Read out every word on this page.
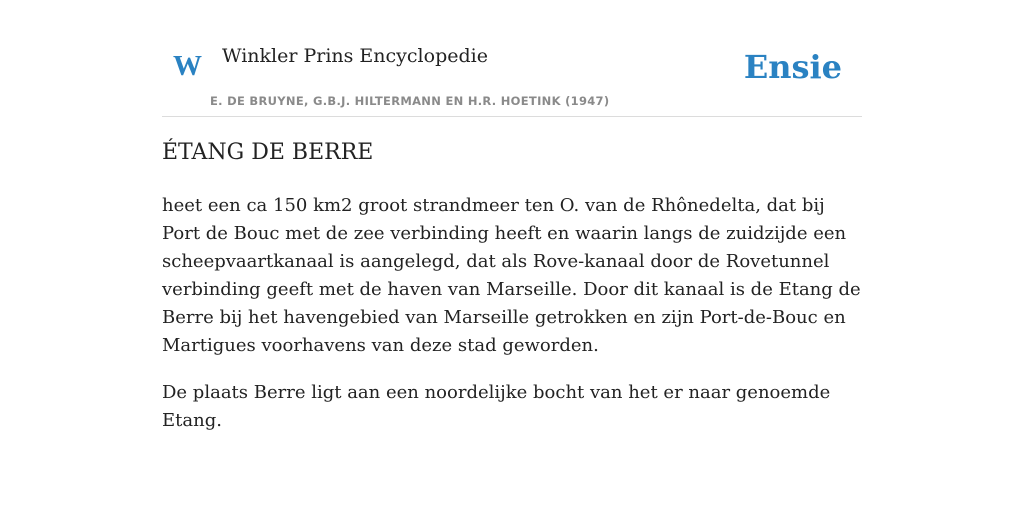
W Winkler Prins Encyclopedie	Ensie
E. DE BRUYNE, G.B.J. HILTERMANN EN H.R. HOETINK (1947)
ÉTANG DE BERRE

heet een ca 150 km2 groot strandmeer ten O. van de Rhônedelta, dat bij Port de Bouc met de zee verbinding heeft en waarin langs de zuidzijde een scheepvaartkanaal is aangelegd, dat als Rove-kanaal door de Rovetunnel verbinding geeft met de haven van Marseille. Door dit kanaal is de Etang de Berre bij het havengebied van Marseille getrokken en zijn Port-de-Bouc en Martigues voorhavens van deze stad geworden.

De plaats Berre ligt aan een noordelijke bocht van het er naar genoemde Etang.
